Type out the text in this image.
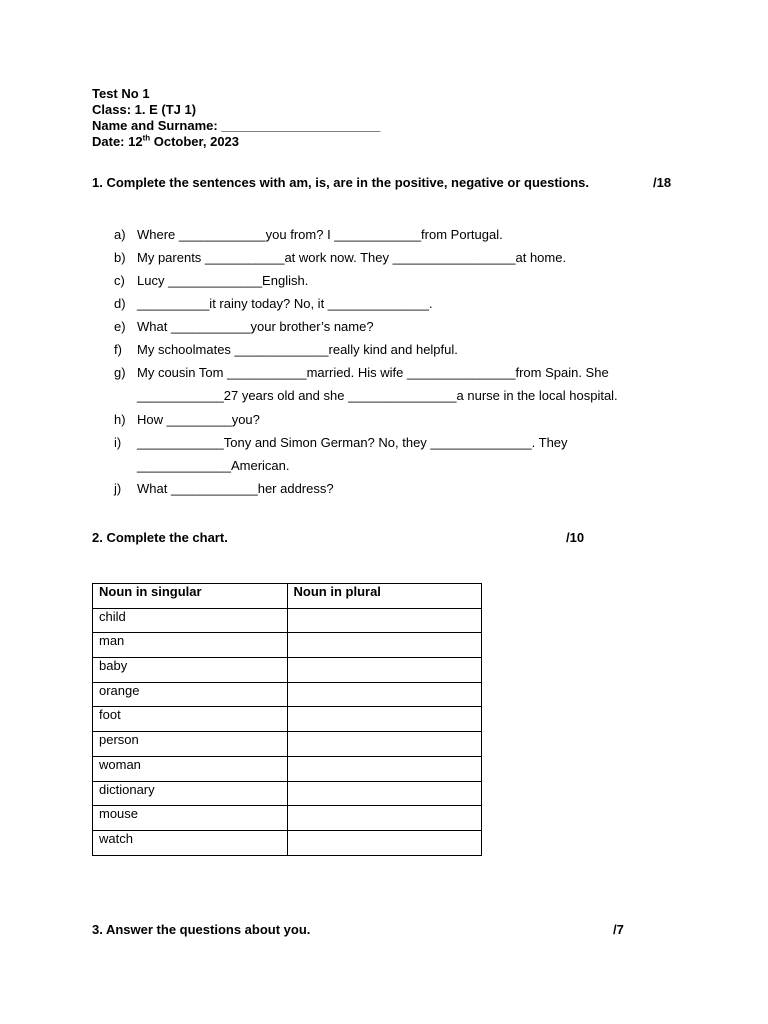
Test No 1
Class: 1. E (TJ 1)
Name and Surname: ______________________
Date: 12th October, 2023
1. Complete the sentences with am, is, are in the positive, negative or questions.	/18
a) Where ____________you from? I ____________from Portugal.
b) My parents ___________at work now. They _________________at home.
c) Lucy _____________English.
d) __________it rainy today? No, it ______________.
e) What ___________your brother’s name?
f) My schoolmates _____________really kind and helpful.
g) My cousin Tom ___________married. His wife _______________from Spain. She
____________27 years old and she _______________a nurse in the local hospital.
h) How _________you?
i) ____________Tony and Simon German? No, they ______________. They
_____________American.
j) What ____________her address?
2. Complete the chart.	/10
Noun in singular	Noun in plural
child	
man	
baby	
orange	
foot	
person	
woman	
dictionary	
mouse	
watch	
3. Answer the questions about you.	/7
